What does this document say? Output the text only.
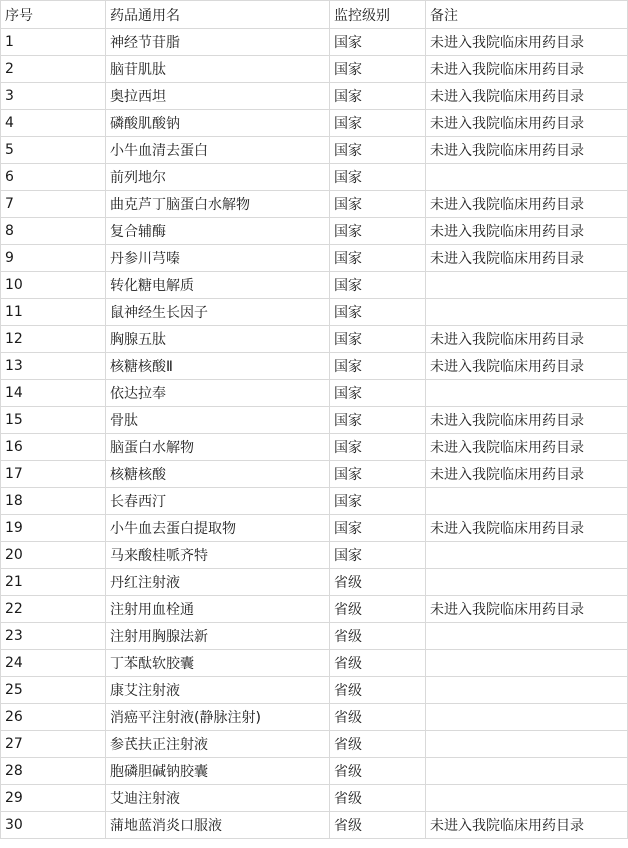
序号	药品通用名	监控级别	备注
1	神经节苷脂	国家	未进入我院临床用药目录
2	脑苷肌肽	国家	未进入我院临床用药目录
3	奥拉西坦	国家	未进入我院临床用药目录
4	磷酸肌酸钠	国家	未进入我院临床用药目录
5	小牛血清去蛋白	国家	未进入我院临床用药目录
6	前列地尔	国家	
7	曲克芦丁脑蛋白水解物	国家	未进入我院临床用药目录
8	复合辅酶	国家	未进入我院临床用药目录
9	丹参川芎嗪	国家	未进入我院临床用药目录
10	转化糖电解质	国家	
11	鼠神经生长因子	国家	
12	胸腺五肽	国家	未进入我院临床用药目录
13	核糖核酸Ⅱ	国家	未进入我院临床用药目录
14	依达拉奉	国家	
15	骨肽	国家	未进入我院临床用药目录
16	脑蛋白水解物	国家	未进入我院临床用药目录
17	核糖核酸	国家	未进入我院临床用药目录
18	长春西汀	国家	
19	小牛血去蛋白提取物	国家	未进入我院临床用药目录
20	马来酸桂哌齐特	国家	
21	丹红注射液	省级	
22	注射用血栓通	省级	未进入我院临床用药目录
23	注射用胸腺法新	省级	
24	丁苯酞软胶囊	省级	
25	康艾注射液	省级	
26	消癌平注射液(静脉注射)	省级	
27	参芪扶正注射液	省级	
28	胞磷胆碱钠胶囊	省级	
29	艾迪注射液	省级	
30	蒲地蓝消炎口服液	省级	未进入我院临床用药目录
